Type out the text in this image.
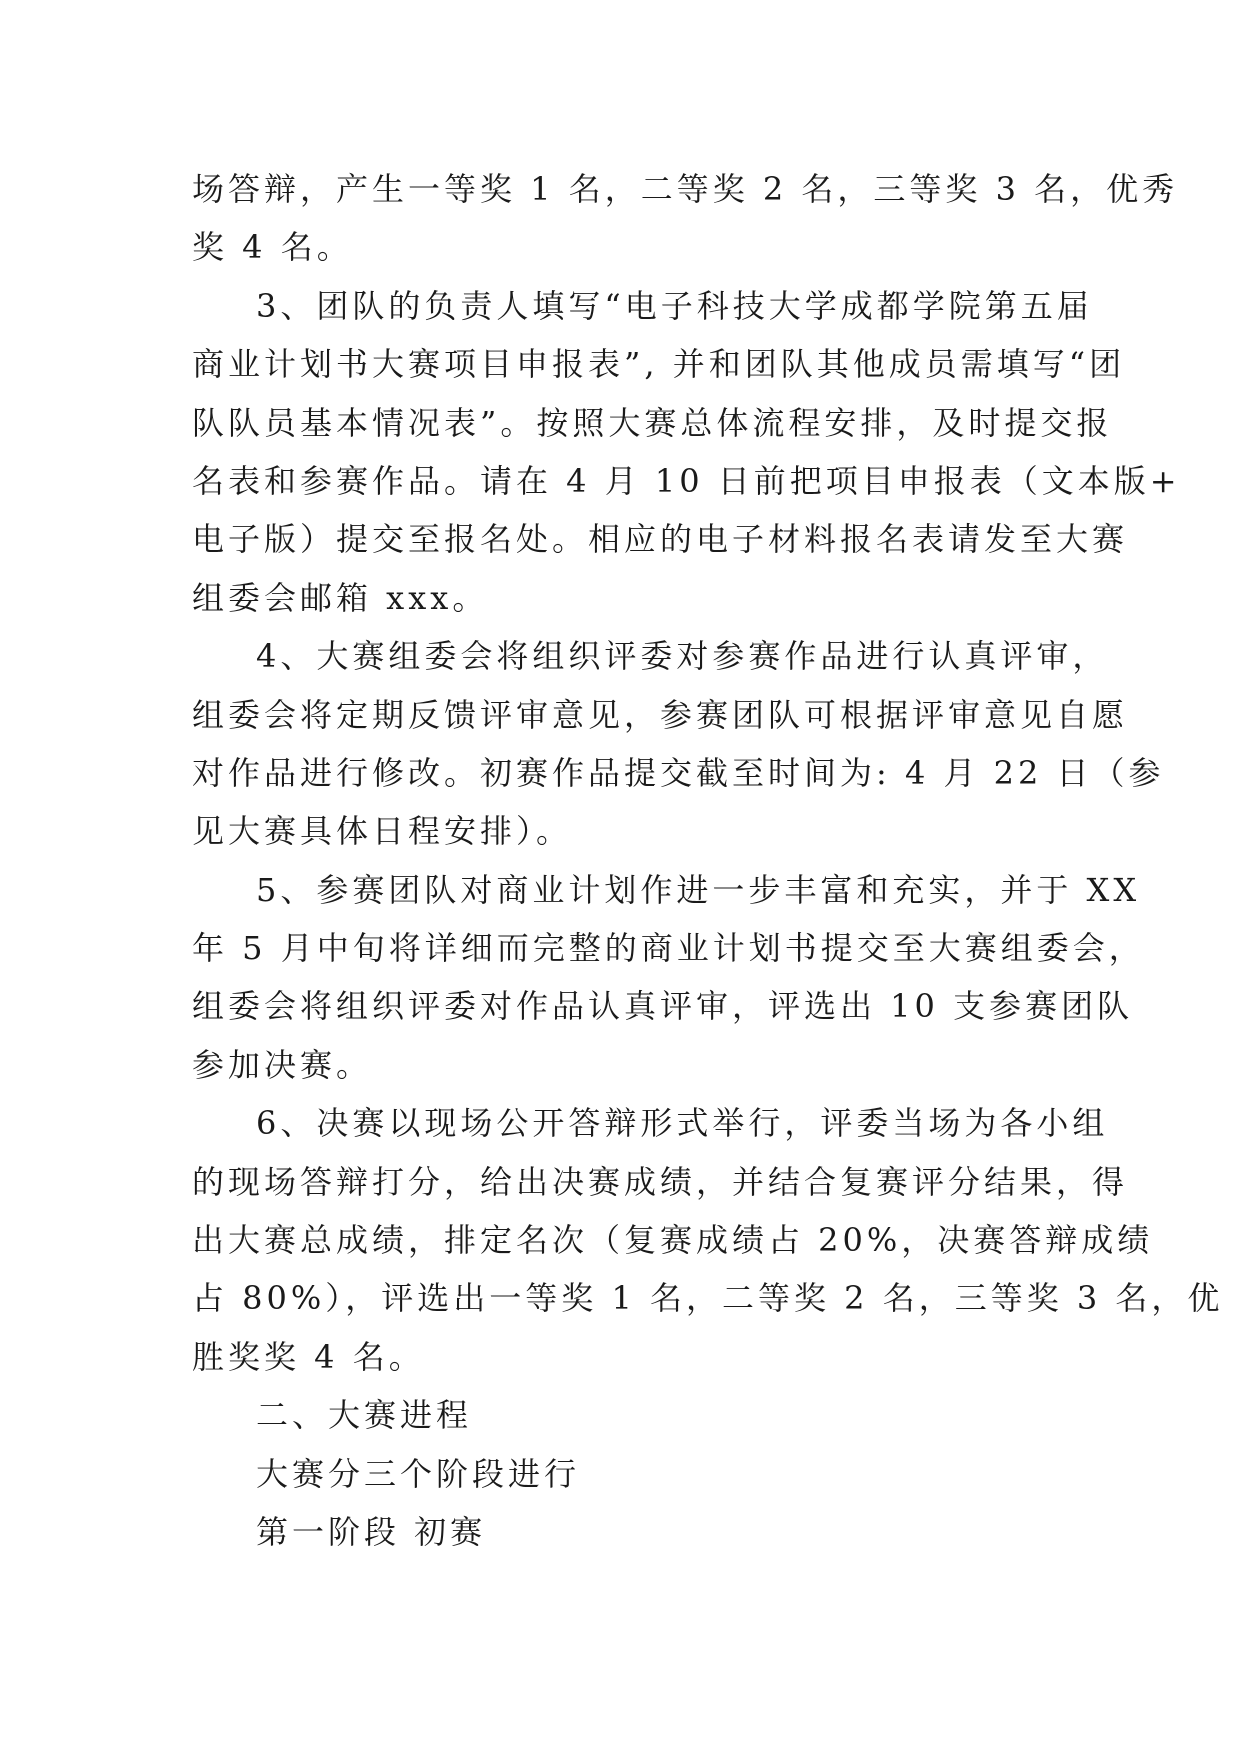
场答辩，产生一等奖 1 名，二等奖 2 名，三等奖 3 名，优秀
奖 4 名。
3、团队的负责人填写“电子科技大学成都学院第五届
商业计划书大赛项目申报表”, 并和团队其他成员需填写“团
队队员基本情况表”。按照大赛总体流程安排，及时提交报
名表和参赛作品。请在 4 月 10 日前把项目申报表（文本版+
电子版）提交至报名处。相应的电子材料报名表请发至大赛
组委会邮箱 xxx。
4、大赛组委会将组织评委对参赛作品进行认真评审，
组委会将定期反馈评审意见，参赛团队可根据评审意见自愿
对作品进行修改。初赛作品提交截至时间为: 4 月 22 日（参
见大赛具体日程安排）。
5、参赛团队对商业计划作进一步丰富和充实，并于 XX
年 5 月中旬将详细而完整的商业计划书提交至大赛组委会，
组委会将组织评委对作品认真评审，评选出 10 支参赛团队
参加决赛。
6、决赛以现场公开答辩形式举行，评委当场为各小组
的现场答辩打分，给出决赛成绩，并结合复赛评分结果，得
出大赛总成绩，排定名次（复赛成绩占 20%，决赛答辩成绩
占 80%），评选出一等奖 1 名，二等奖 2 名，三等奖 3 名，优
胜奖奖 4 名。
二、大赛进程
大赛分三个阶段进行
第一阶段 初赛
